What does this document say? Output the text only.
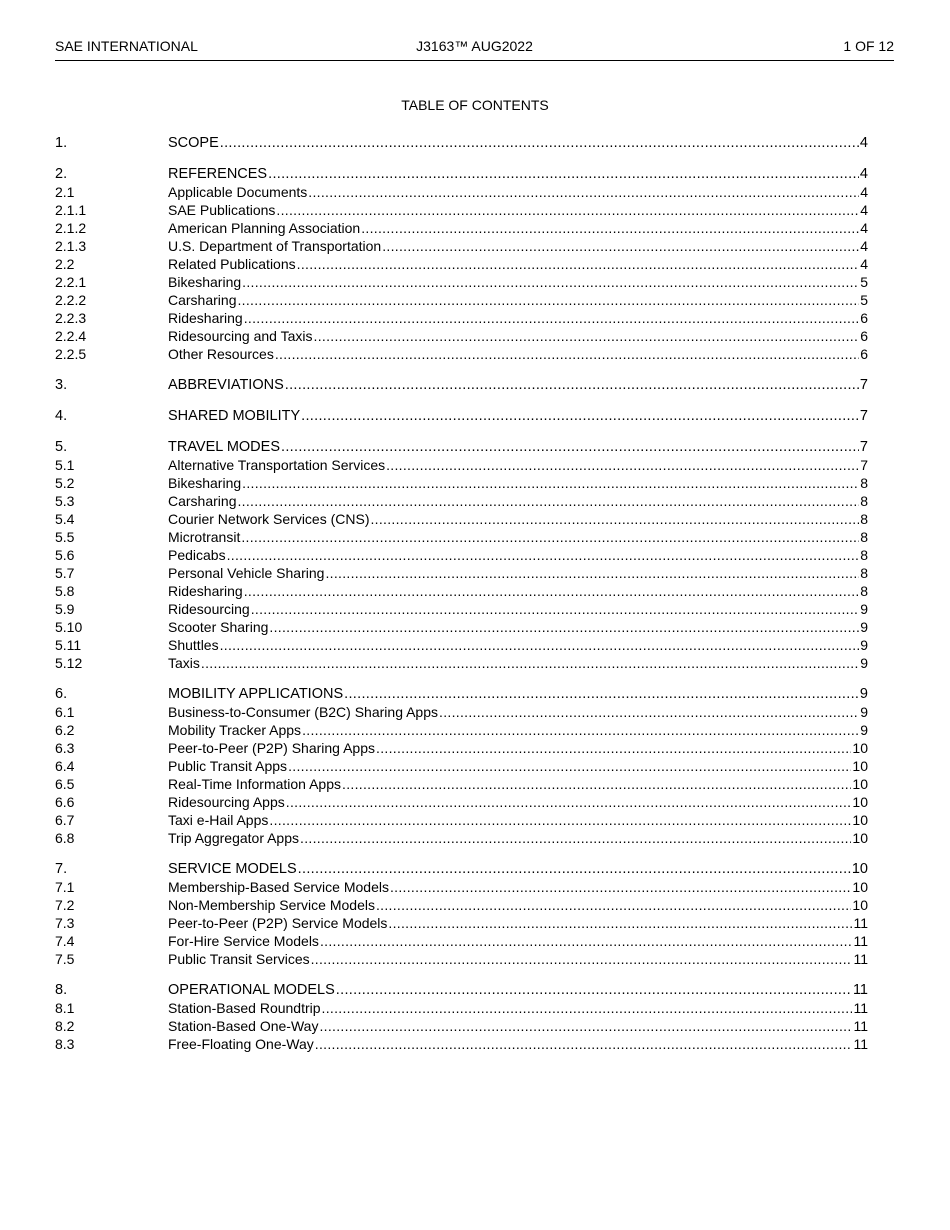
SAE INTERNATIONAL	J3163™ AUG2022	1 OF 12
TABLE OF CONTENTS
1.	SCOPE .....	4
2.	REFERENCES .....	4
2.1	Applicable Documents .....	4
2.1.1	SAE Publications .....	4
2.1.2	American Planning Association .....	4
2.1.3	U.S. Department of Transportation .....	4
2.2	Related Publications .....	4
2.2.1	Bikesharing .....	5
2.2.2	Carsharing .....	5
2.2.3	Ridesharing .....	6
2.2.4	Ridesourcing and Taxis .....	6
2.2.5	Other Resources .....	6
3.	ABBREVIATIONS .....	7
4.	SHARED MOBILITY .....	7
5.	TRAVEL MODES .....	7
5.1	Alternative Transportation Services .....	7
5.2	Bikesharing .....	8
5.3	Carsharing .....	8
5.4	Courier Network Services (CNS) .....	8
5.5	Microtransit .....	8
5.6	Pedicabs .....	8
5.7	Personal Vehicle Sharing .....	8
5.8	Ridesharing .....	8
5.9	Ridesourcing .....	9
5.10	Scooter Sharing .....	9
5.11	Shuttles .....	9
5.12	Taxis .....	9
6.	MOBILITY APPLICATIONS .....	9
6.1	Business-to-Consumer (B2C) Sharing Apps .....	9
6.2	Mobility Tracker Apps .....	9
6.3	Peer-to-Peer (P2P) Sharing Apps .....	10
6.4	Public Transit Apps .....	10
6.5	Real-Time Information Apps .....	10
6.6	Ridesourcing Apps .....	10
6.7	Taxi e-Hail Apps .....	10
6.8	Trip Aggregator Apps .....	10
7.	SERVICE MODELS .....	10
7.1	Membership-Based Service Models .....	10
7.2	Non-Membership Service Models .....	10
7.3	Peer-to-Peer (P2P) Service Models .....	11
7.4	For-Hire Service Models .....	11
7.5	Public Transit Services .....	11
8.	OPERATIONAL MODELS .....	11
8.1	Station-Based Roundtrip .....	11
8.2	Station-Based One-Way .....	11
8.3	Free-Floating One-Way .....	11
